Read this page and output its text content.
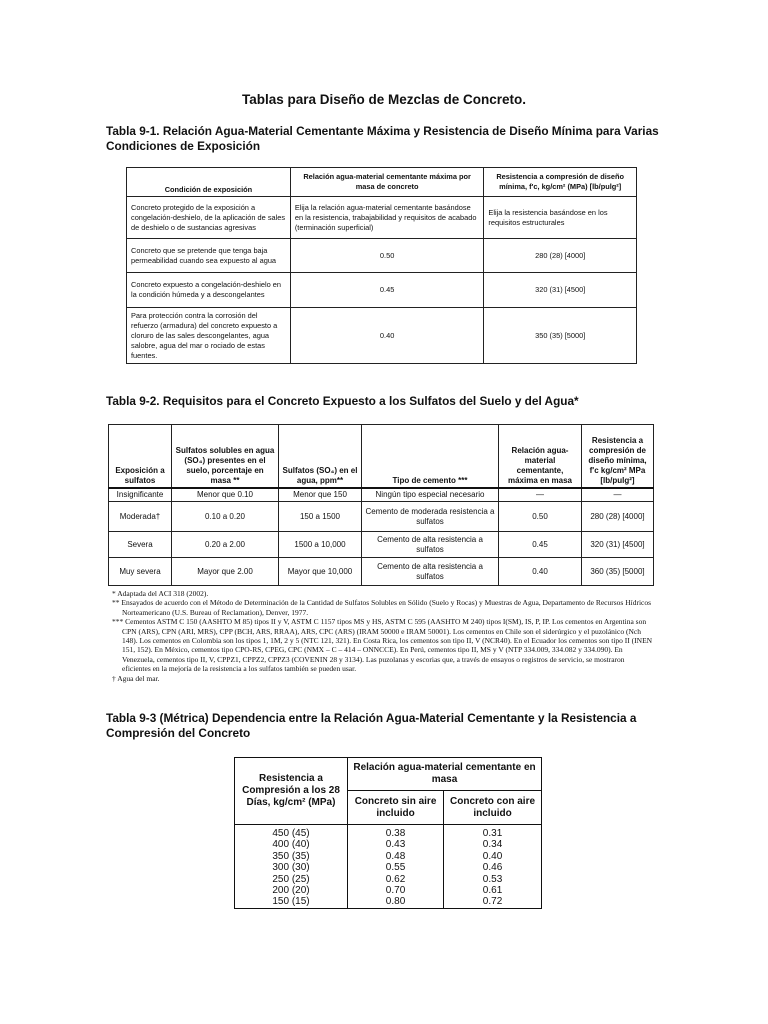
Tablas para Diseño de Mezclas de Concreto.
Tabla 9-1. Relación Agua-Material Cementante Máxima y Resistencia de Diseño Mínima para Varias Condiciones de Exposición
Condición de exposición	Relación agua-material cementante máxima por masa de concreto	Resistencia a compresión de diseño mínima, f'c, kg/cm² (MPa) [lb/pulg²]
Concreto protegido de la exposición a congelación-deshielo, de la aplicación de sales de deshielo o de sustancias agresivas	Elija la relación agua-material cementante basándose en la resistencia, trabajabilidad y requisitos de acabado (terminación superficial)	Elija la resistencia basándose en los requisitos estructurales
Concreto que se pretende que tenga baja permeabilidad cuando sea expuesto al agua	0.50	280 (28) [4000]
Concreto expuesto a congelación-deshielo en la condición húmeda y a descongelantes	0.45	320 (31) [4500]
Para protección contra la corrosión del refuerzo (armadura) del concreto expuesto a cloruro de las sales descongelantes, agua salobre, agua del mar o rociado de estas fuentes.	0.40	350 (35) [5000]
Tabla 9-2. Requisitos para el Concreto Expuesto a los Sulfatos del Suelo y del Agua*
Exposición a sulfatos	Sulfatos solubles en agua (SO₄) presentes en el suelo, porcentaje en masa **	Sulfatos (SO₄) en el agua, ppm**	Tipo de cemento ***	Relación agua-material cementante, máxima en masa	Resistencia a compresión de diseño mínima, f'c kg/cm² MPa [lb/pulg²]
Insignificante	Menor que 0.10	Menor que 150	Ningún tipo especial necesario	—	—
Moderada†	0.10 a 0.20	150 a 1500	Cemento de moderada resistencia a sulfatos	0.50	280 (28) [4000]
Severa	0.20 a 2.00	1500 a 10,000	Cemento de alta resistencia a sulfatos	0.45	320 (31) [4500]
Muy severa	Mayor que 2.00	Mayor que 10,000	Cemento de alta resistencia a sulfatos	0.40	360 (35) [5000]
* Adaptada del ACI 318 (2002).
** Ensayados de acuerdo con el Método de Determinación de la Cantidad de Sulfatos Solubles en Sólido (Suelo y Rocas) y Muestras de Agua, Departamento de Recursos Hídricos Norteamericano (U.S. Bureau of Reclamation), Denver, 1977.
*** Cementos ASTM C 150 (AASHTO M 85) tipos II y V, ASTM C 1157 tipos MS y HS, ASTM C 595 (AASHTO M 240) tipos I(SM), IS, P, IP. Los cementos en Argentina son CPN (ARS), CPN (ARI, MRS), CPP (BCH, ARS, RRAA), ARS, CPC (ARS) (IRAM 50000 e IRAM 50001). Los cementos en Chile son el siderúrgico y el puzolánico (Nch 148). Los cementos en Colombia son los tipos 1, 1M, 2 y 5 (NTC 121, 321). En Costa Rica, los cementos son tipo II, V (NCR40). En el Ecuador los cementos son tipo II (INEN 151, 152). En México, cementos tipo CPO-RS, CPEG, CPC (NMX – C – 414 – ONNCCE). En Perú, cementos tipo II, MS y V (NTP 334.009, 334.082 y 334.090). En Venezuela, cementos tipo II, V, CPPZ1, CPPZ2, CPPZ3 (COVENIN 28 y 3134). Las puzolanas y escorias que, a través de ensayos o registros de servicio, se mostraron eficientes en la mejoría de la resistencia a los sulfatos también se pueden usar.
† Agua del mar.
Tabla 9-3 (Métrica) Dependencia entre la Relación Agua-Material Cementante y la Resistencia a Compresión del Concreto
Resistencia a Compresión a los 28 Días, kg/cm² (MPa)	Relación agua-material cementante en masa	
	Concreto sin aire incluido	Concreto con aire incluido
450 (45)	0.38	0.31
400 (40)	0.43	0.34
350 (35)	0.48	0.40
300 (30)	0.55	0.46
250 (25)	0.62	0.53
200 (20)	0.70	0.61
150 (15)	0.80	0.72
